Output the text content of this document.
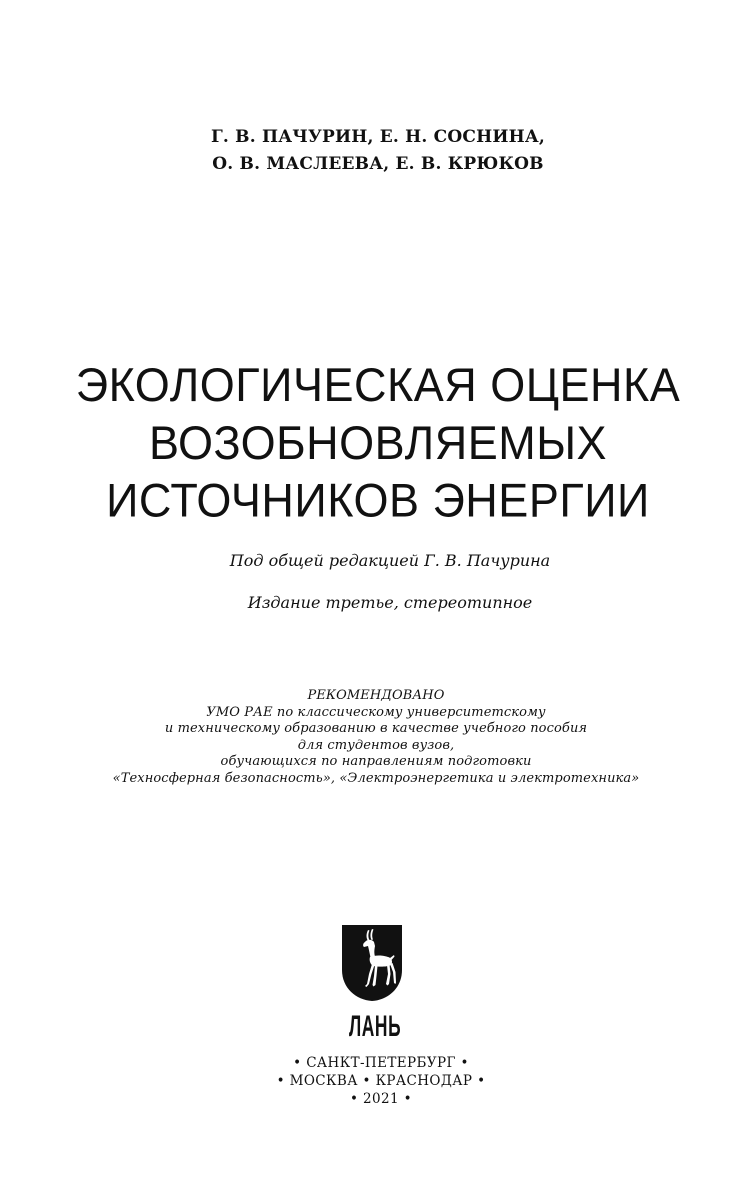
Г. В. ПАЧУРИН, Е. Н. СОСНИНА,
О. В. МАСЛЕЕВА, Е. В. КРЮКОВ
ЭКОЛОГИЧЕСКАЯ ОЦЕНКА
ВОЗОБНОВЛЯЕМЫХ
ИСТОЧНИКОВ ЭНЕРГИИ
Под общей редакцией Г. В. Пачурина
Издание третье, стереотипное
РЕКОМЕНДОВАНО
УМО РАЕ по классическому университетскому
и техническому образованию в качестве учебного пособия
для студентов вузов,
обучающихся по направлениям подготовки
«Техносферная безопасность», «Электроэнергетика и электротехника»
ЛАНЬ
• САНКТ-ПЕТЕРБУРГ •
• МОСКВА • КРАСНОДАР •
• 2021 •
